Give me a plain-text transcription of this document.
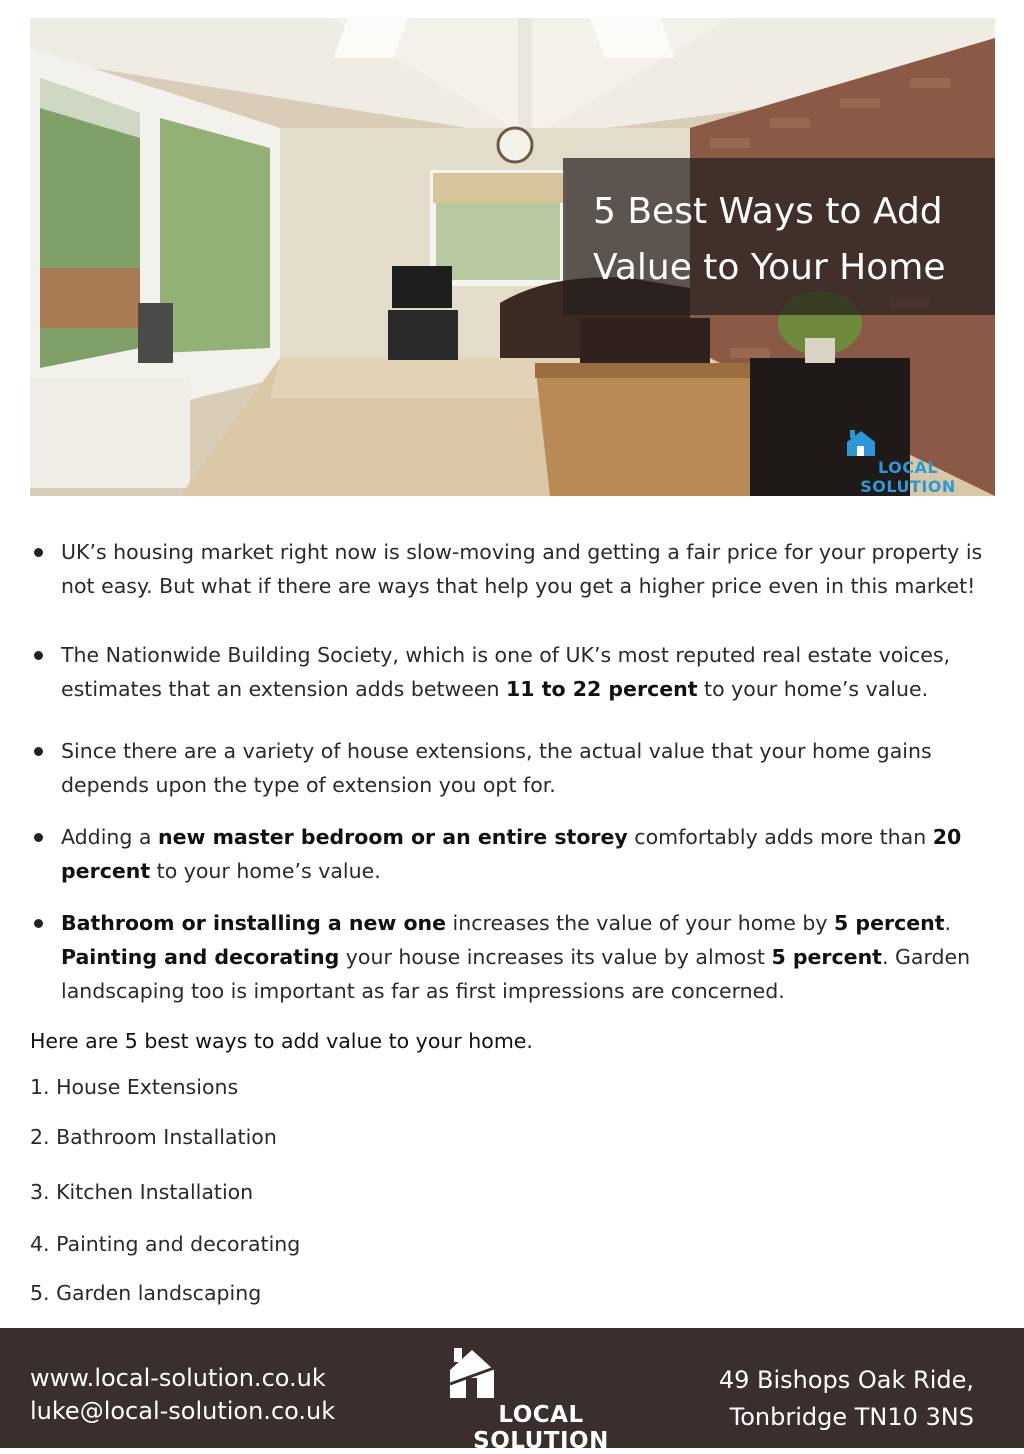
5 Best Ways to Add
Value to Your Home
LOCAL SOLUTION
UK’s housing market right now is slow-moving and getting a fair price for your property is not easy. But what if there are ways that help you get a higher price even in this market!
The Nationwide Building Society, which is one of UK’s most reputed real estate voices, estimates that an extension adds between 11 to 22 percent to your home’s value.
Since there are a variety of house extensions, the actual value that your home gains depends upon the type of extension you opt for.
Adding a new master bedroom or an entire storey comfortably adds more than 20 percent to your home’s value.
Bathroom or installing a new one increases the value of your home by 5 percent. Painting and decorating your house increases its value by almost 5 percent. Garden landscaping too is important as far as first impressions are concerned.
Here are 5 best ways to add value to your home.
1. House Extensions
2. Bathroom Installation
3. Kitchen Installation
4. Painting and decorating
5. Garden landscaping
www.local-solution.co.uk
luke@local-solution.co.uk	LOCAL SOLUTION
49 Bishops Oak Ride,
Tonbridge TN10 3NS
